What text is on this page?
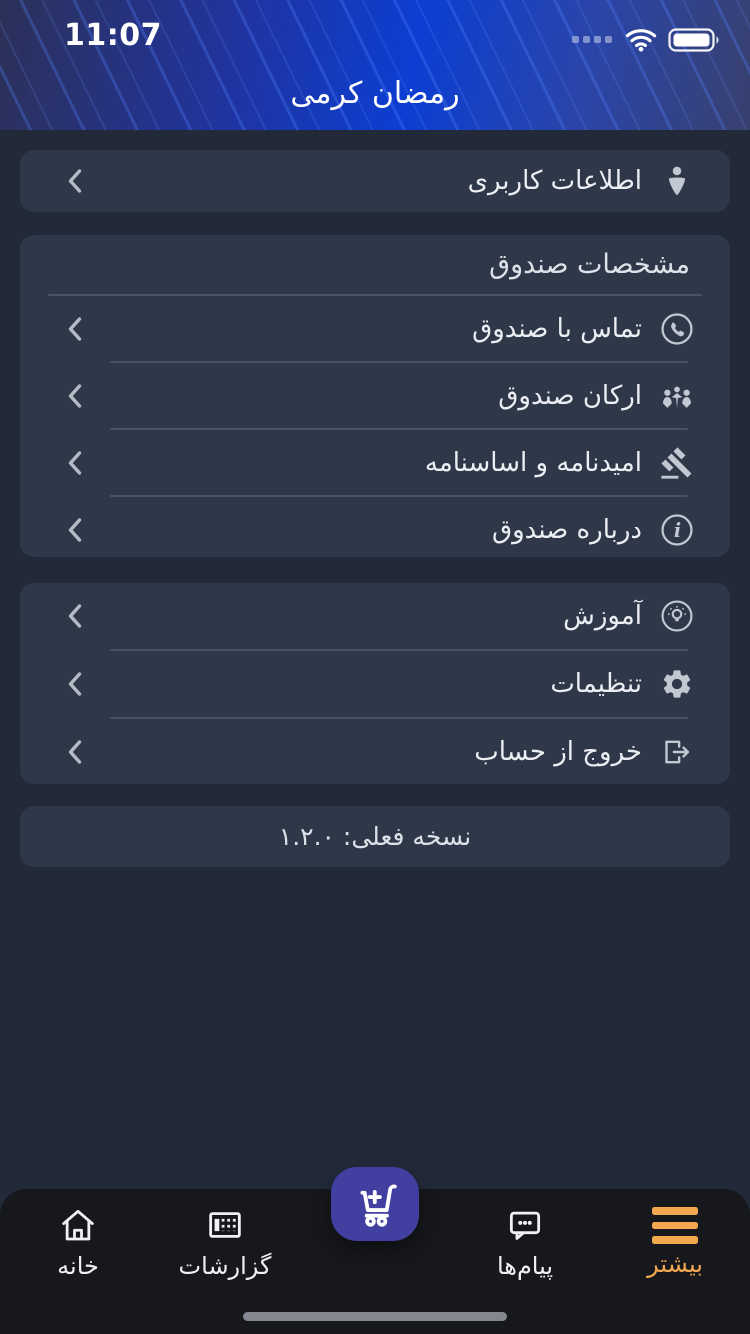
11:07
رمضان کرمی
اطلاعات کاربری
مشخصات صندوق
تماس با صندوق
ارکان صندوق
امیدنامه و اساسنامه
i
درباره صندوق
آموزش
تنظیمات
خروج از حساب
نسخه فعلی: ۱.۲.۰
خانه	گزارشات	پیام‌ها	بیشتر
